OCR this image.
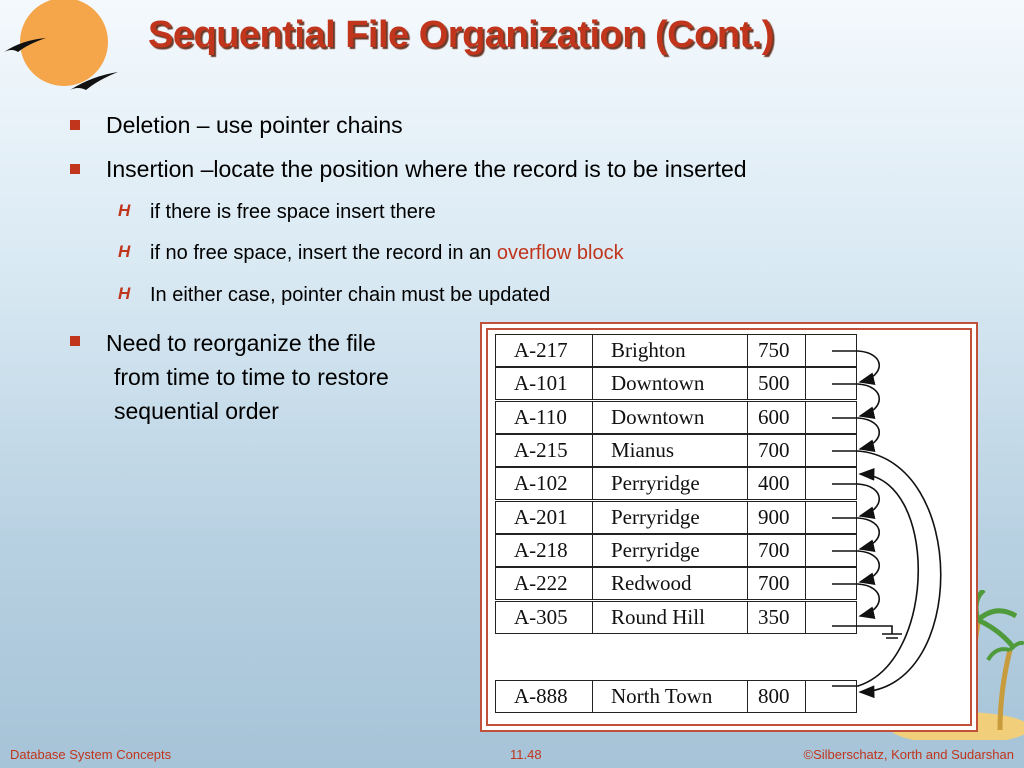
Sequential File Organization (Cont.)
Deletion – use pointer chains
Insertion –locate the position where the record is to be inserted
H if there is free space insert there
H if no free space, insert the record in an overflow block
H In either case, pointer chain must be updated
Need to reorganize the file
from time to time to restore
sequential order
A-217	Brighton	750
A-101	Downtown	500
A-110	Downtown	600
A-215	Mianus	700
A-102	Perryridge	400
A-201	Perryridge	900
A-218	Perryridge	700
A-222	Redwood	700
A-305	Round Hill	350
A-888	North Town	800
Database System Concepts	11.48	©Silberschatz, Korth and Sudarshan
